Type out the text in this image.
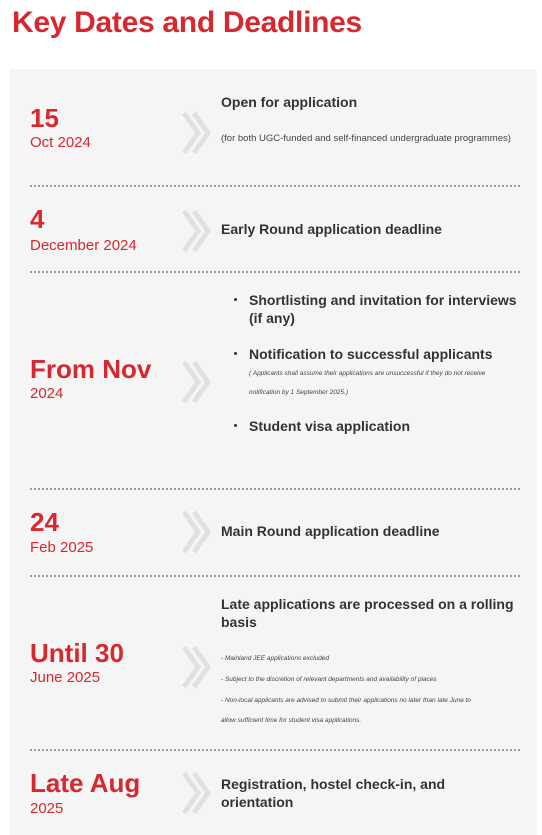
Key Dates and Deadlines
15
Oct 2024
Open for application
(for both UGC-funded and self-financed undergraduate programmes)
4
December 2024
Early Round application deadline
From Nov
2024
Shortlisting and invitation for interviews (if any)
Notification to successful applicants
( Applicants shall assume their applications are unsuccessful if they do not receive
notification by 1 September 2025.)
Student visa application
24
Feb 2025
Main Round application deadline
Until 30
June 2025
Late applications are processed on a rolling basis
- Mainland JEE applications excluded
- Subject to the discretion of relevant departments and availability of places
- Non-local applicants are advised to submit their applications no later than late June to
allow sufficient time for student visa applications.
Late Aug
2025
Registration, hostel check-in, and orientation
